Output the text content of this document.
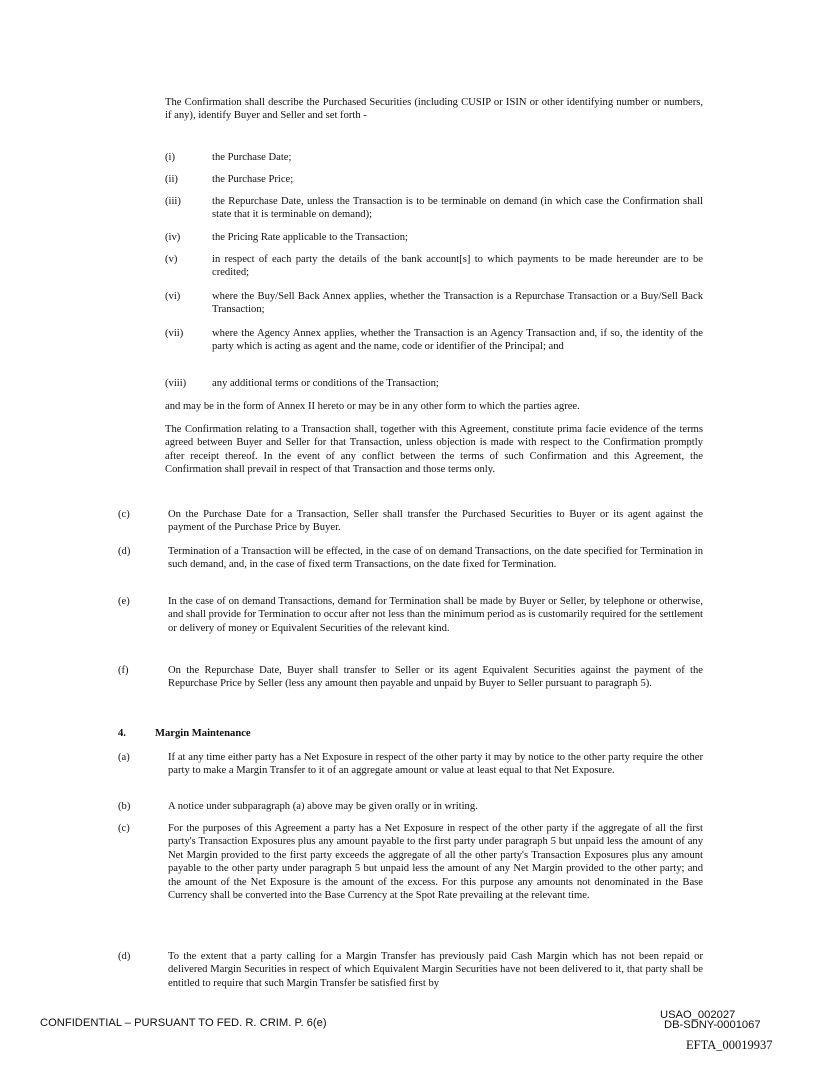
The Confirmation shall describe the Purchased Securities (including CUSIP or ISIN or other identifying number or numbers, if any), identify Buyer and Seller and set forth -

(i)	the Purchase Date;
(ii)	the Purchase Price;
(iii)	the Repurchase Date, unless the Transaction is to be terminable on demand (in which case the Confirmation shall state that it is terminable on demand);
(iv)	the Pricing Rate applicable to the Transaction;
(v)	in respect of each party the details of the bank account[s] to which payments to be made hereunder are to be credited;
(vi)	where the Buy/Sell Back Annex applies, whether the Transaction is a Repurchase Transaction or a Buy/Sell Back Transaction;
(vii)	where the Agency Annex applies, whether the Transaction is an Agency Transaction and, if so, the identity of the party which is acting as agent and the name, code or identifier of the Principal; and
(viii) any additional terms or conditions of the Transaction;

and may be in the form of Annex II hereto or may be in any other form to which the parties agree.

The Confirmation relating to a Transaction shall, together with this Agreement, constitute prima facie evidence of the terms agreed between Buyer and Seller for that Transaction, unless objection is made with respect to the Confirmation promptly after receipt thereof. In the event of any conflict between the terms of such Confirmation and this Agreement, the Confirmation shall prevail in respect of that Transaction and those terms only.

(c)	On the Purchase Date for a Transaction, Seller shall transfer the Purchased Securities to Buyer or its agent against the payment of the Purchase Price by Buyer.
(d)	Termination of a Transaction will be effected, in the case of on demand Transactions, on the date specified for Termination in such demand, and, in the case of fixed term Transactions, on the date fixed for Termination.
(e)	In the case of on demand Transactions, demand for Termination shall be made by Buyer or Seller, by telephone or otherwise, and shall provide for Termination to occur after not less than the minimum period as is customarily required for the settlement or delivery of money or Equivalent Securities of the relevant kind.
(f)	On the Repurchase Date, Buyer shall transfer to Seller or its agent Equivalent Securities against the payment of the Repurchase Price by Seller (less any amount then payable and unpaid by Buyer to Seller pursuant to paragraph 5).
4.	Margin Maintenance
(a)	If at any time either party has a Net Exposure in respect of the other party it may by notice to the other party require the other party to make a Margin Transfer to it of an aggregate amount or value at least equal to that Net Exposure.
(b)	A notice under subparagraph (a) above may be given orally or in writing.
(c)	For the purposes of this Agreement a party has a Net Exposure in respect of the other party if the aggregate of all the first party's Transaction Exposures plus any amount payable to the first party under paragraph 5 but unpaid less the amount of any Net Margin provided to the first party exceeds the aggregate of all the other party's Transaction Exposures plus any amount payable to the other party under paragraph 5 but unpaid less the amount of any Net Margin provided to the other party; and the amount of the Net Exposure is the amount of the excess. For this purpose any amounts not denominated in the Base Currency shall be converted into the Base Currency at the Spot Rate prevailing at the relevant time.
(d)	To the extent that a party calling for a Margin Transfer has previously paid Cash Margin which has not been repaid or delivered Margin Securities in respect of which Equivalent Margin Securities have not been delivered to it, that party shall be entitled to require that such Margin Transfer be satisfied first by
CONFIDENTIAL – PURSUANT TO FED. R. CRIM. P. 6(e)
USAO_002027
DB-SDNY-0001067
EFTA_00019937
